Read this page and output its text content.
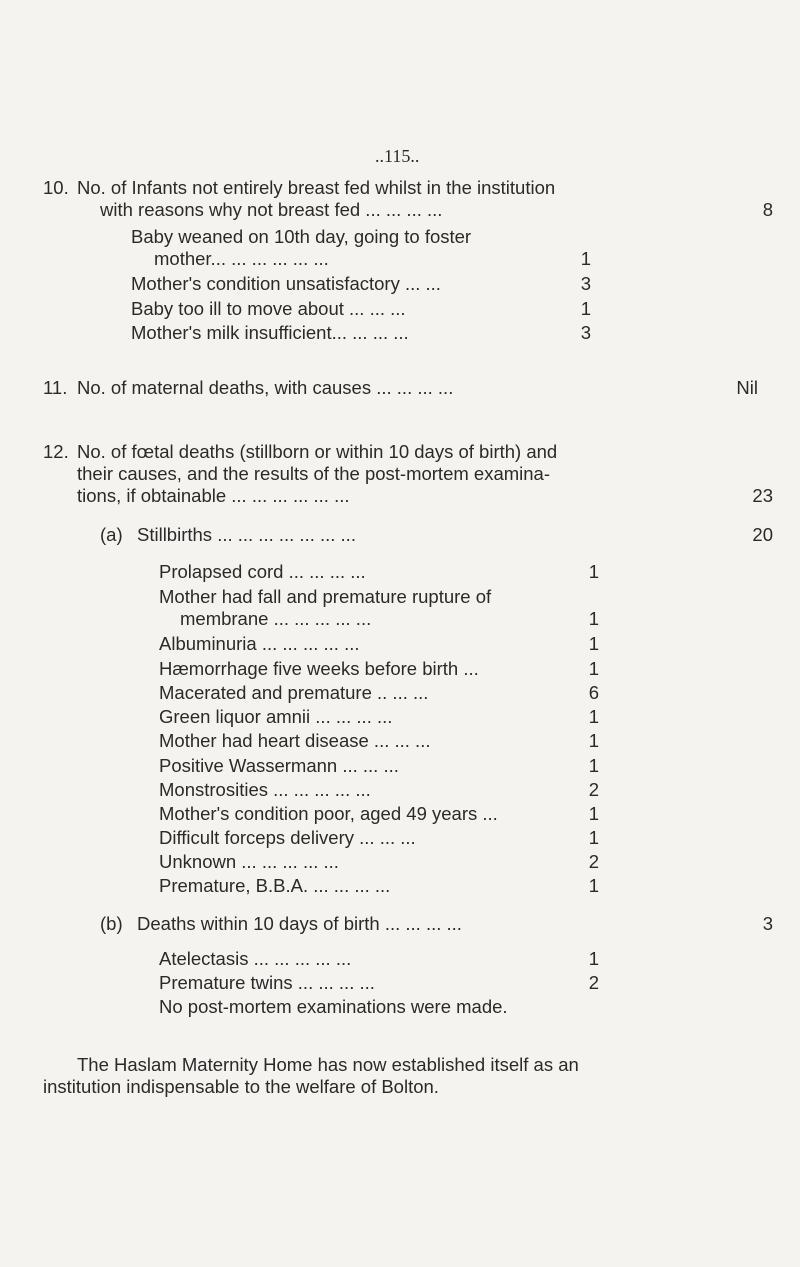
..115..
10. No. of Infants not entirely breast fed whilst in the institution
with reasons why not breast fed ... ... ... ...	8
Baby weaned on 10th day, going to foster
mother... ... ... ... ... ...	1
Mother's condition unsatisfactory ... ...	3
Baby too ill to move about ... ... ...	1
Mother's milk insufficient... ... ... ...	3
11. No. of maternal deaths, with causes ... ... ... ...	Nil
12. No. of fœtal deaths (stillborn or within 10 days of birth) and
their causes, and the results of the post-mortem examina-
tions, if obtainable ... ... ... ... ... ...	23
(a) Stillbirths ... ... ... ... ... ... ...	20
Prolapsed cord ... ... ... ...	1
Mother had fall and premature rupture of
membrane ... ... ... ... ...	1
Albuminuria ... ... ... ... ...	1
Hæmorrhage five weeks before birth ...	1
Macerated and premature .. ... ...	6
Green liquor amnii ... ... ... ...	1
Mother had heart disease ... ... ...	1
Positive Wassermann ... ... ...	1
Monstrosities ... ... ... ... ...	2
Mother's condition poor, aged 49 years ...	1
Difficult forceps delivery ... ... ...	1
Unknown ... ... ... ... ...	2
Premature, B.B.A. ... ... ... ...	1
(b) Deaths within 10 days of birth ... ... ... ...	3
Atelectasis ... ... ... ... ...	1
Premature twins ... ... ... ...	2
No post-mortem examinations were made.
The Haslam Maternity Home has now established itself as an
institution indispensable to the welfare of Bolton.
